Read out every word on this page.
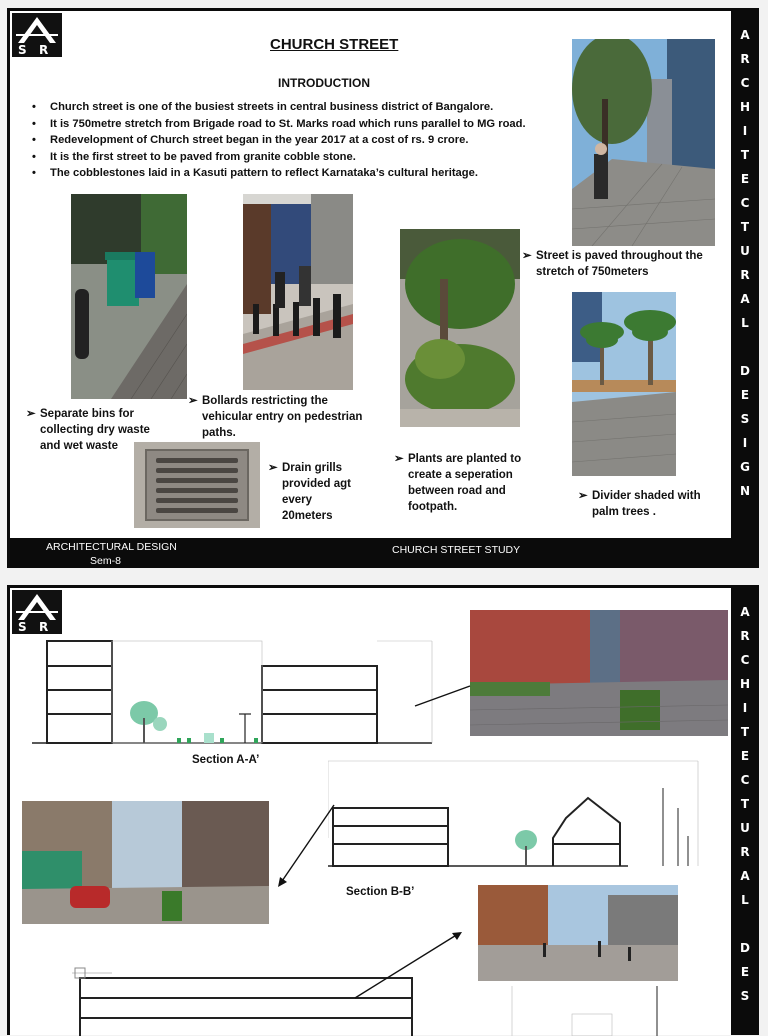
S R	CHURCH STREET
INTRODUCTION
• Church street is one of the busiest streets in central business district of Bangalore.
• It is 750metre stretch from Brigade road to St. Marks road which runs parallel to MG road.
• Redevelopment of Church street began in the year 2017 at a cost of rs. 9 crore.
• It is the first street to be paved from granite cobble stone.
• The cobblestones laid in a Kasuti pattern to reflect Karnataka’s cultural heritage.
➢ Separate bins for
collecting dry waste
and wet waste
➢ Bollards restricting the
vehicular entry on pedestrian
paths.
➢ Drain grills
provided agt
every
20meters
➢ Plants are planted to
create a seperation
between road and
footpath.
➢ Street is paved throughout the
stretch of 750meters
➢ Divider shaded with
palm trees .
A
R
C
H
I
T
E
C
T
U
R
A
L
D
E
S
I
G
N
ARCHITECTURAL DESIGN
Sem-8
CHURCH STREET STUDY
S R
Section A-A’
Section B-B’
A
R
C
H
I
T
E
C
T
U
R
A
L
D
E
S
